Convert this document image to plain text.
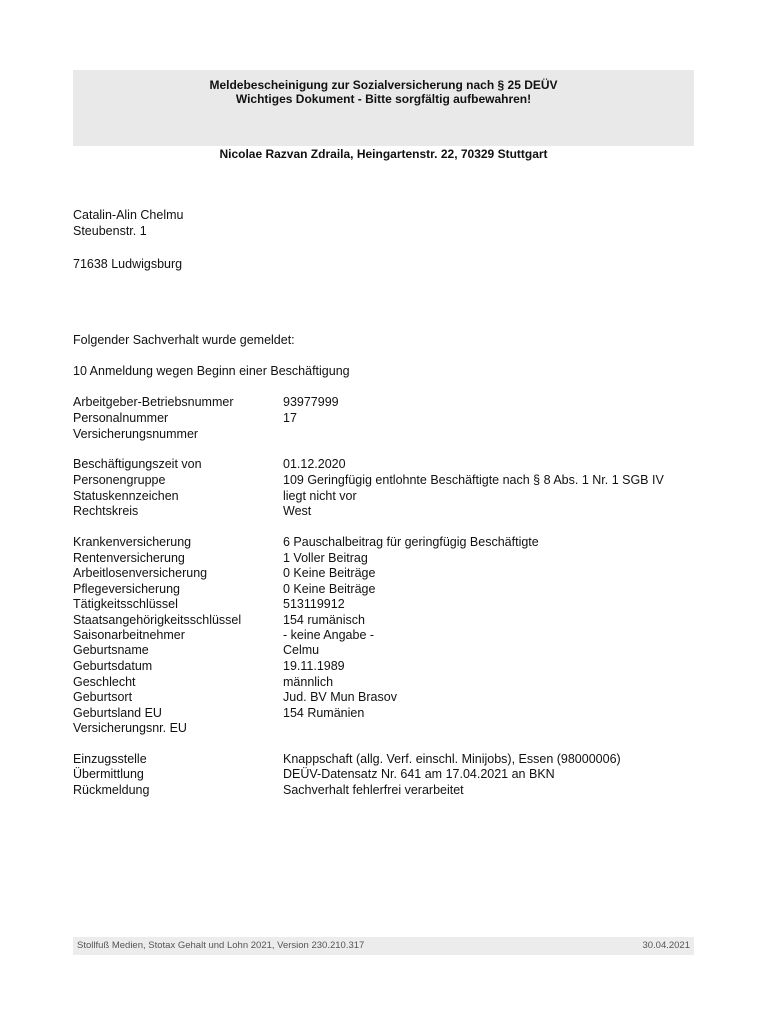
Meldebescheinigung zur Sozialversicherung nach § 25 DEÜV
Wichtiges Dokument - Bitte sorgfältig aufbewahren!
Nicolae Razvan Zdraila, Heingartenstr. 22, 70329 Stuttgart
Catalin-Alin Chelmu
Steubenstr. 1
71638 Ludwigsburg
Folgender Sachverhalt wurde gemeldet:
10 Anmeldung wegen Beginn einer Beschäftigung
Arbeitgeber-Betriebsnummer	93977999
Personalnummer	17
Versicherungsnummer
Beschäftigungszeit von	01.12.2020
Personengruppe	109 Geringfügig entlohnte Beschäftigte nach § 8 Abs. 1 Nr. 1 SGB IV
Statuskennzeichen	liegt nicht vor
Rechtskreis	West
Krankenversicherung	6 Pauschalbeitrag für geringfügig Beschäftigte
Rentenversicherung	1 Voller Beitrag
Arbeitlosenversicherung	0 Keine Beiträge
Pflegeversicherung	0 Keine Beiträge
Tätigkeitsschlüssel	513119912
Staatsangehörigkeitsschlüssel	154 rumänisch
Saisonarbeitnehmer	- keine Angabe -
Geburtsname	Celmu
Geburtsdatum	19.11.1989
Geschlecht	männlich
Geburtsort	Jud. BV Mun Brasov
Geburtsland EU	154 Rumänien
Versicherungsnr. EU
Einzugsstelle	Knappschaft (allg. Verf. einschl. Minijobs), Essen (98000006)
Übermittlung	DEÜV-Datensatz Nr. 641 am 17.04.2021 an BKN
Rückmeldung	Sachverhalt fehlerfrei verarbeitet
Stollfuß Medien, Stotax Gehalt und Lohn 2021, Version 230.210.317	30.04.2021
